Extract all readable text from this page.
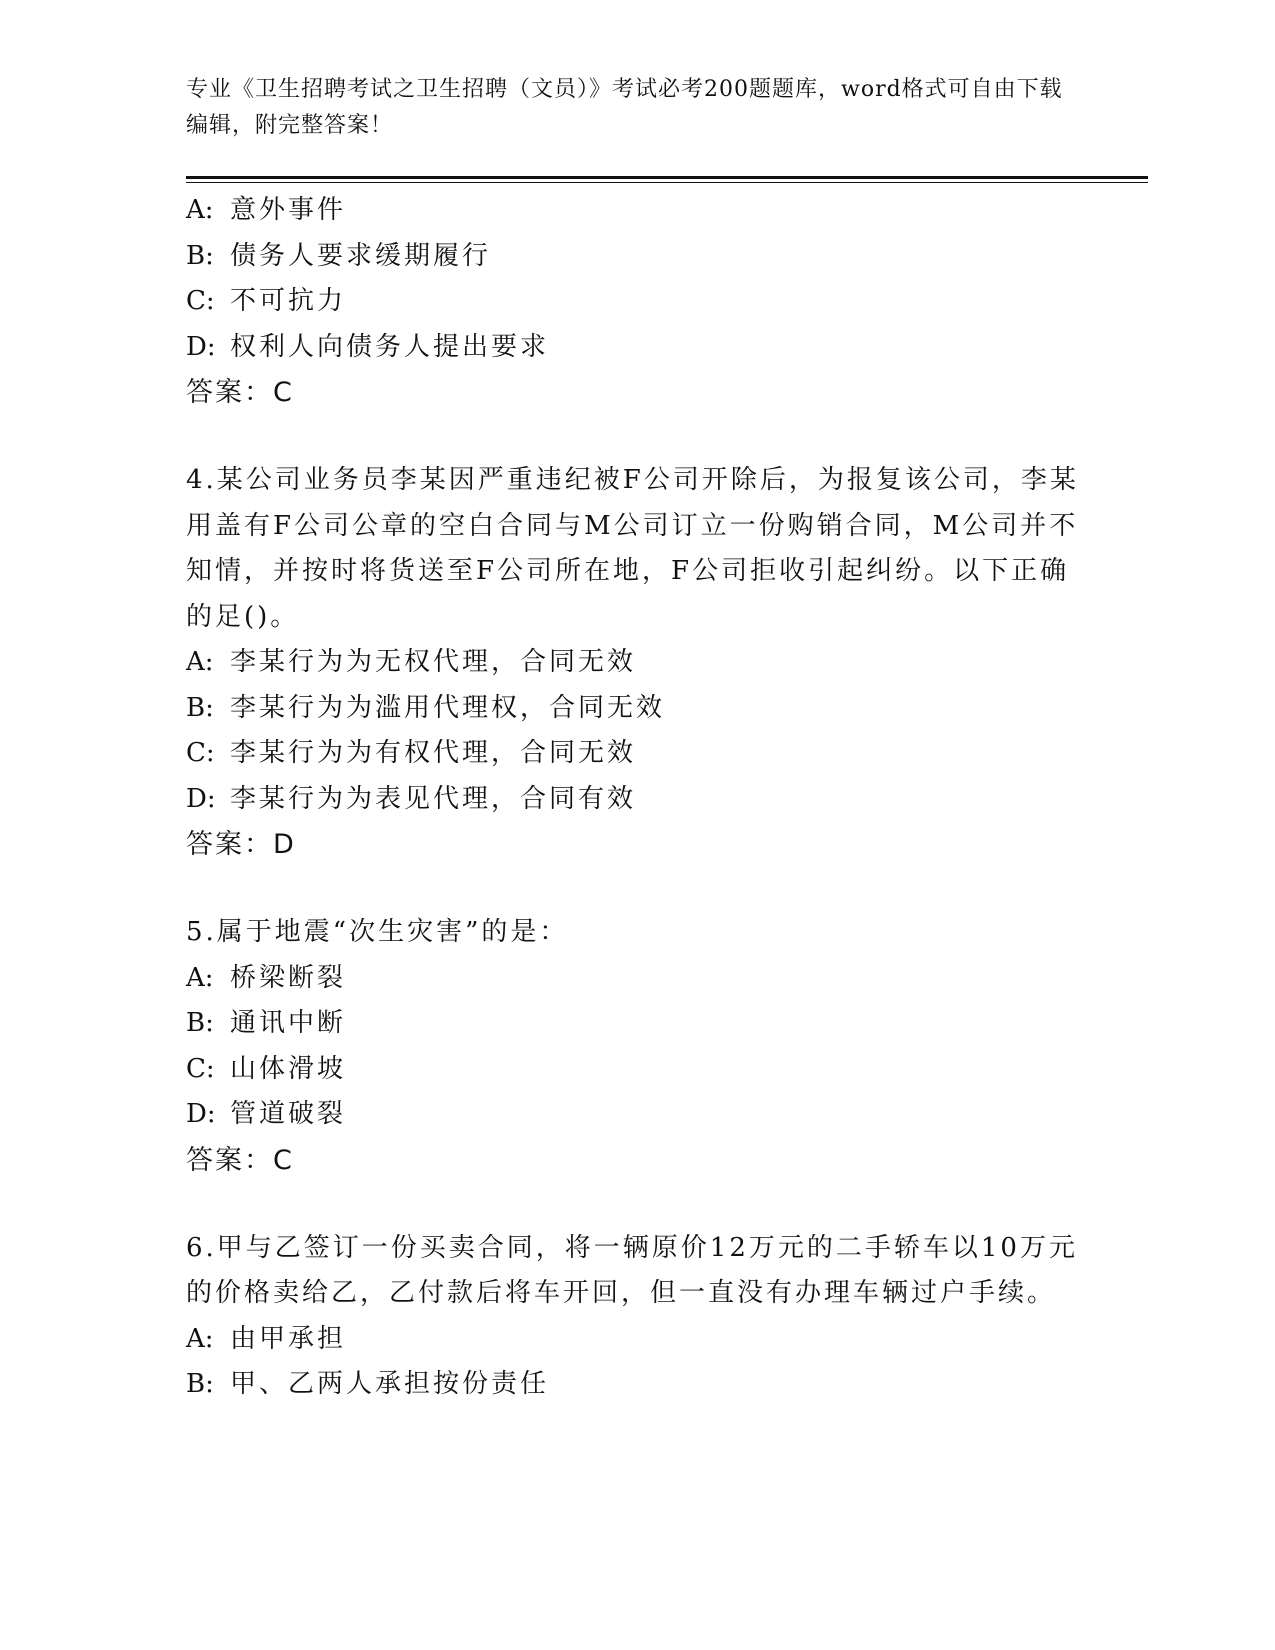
专业《卫生招聘考试之卫生招聘（文员）》考试必考200题题库，word格式可自由下载编辑，附完整答案！
A: 意外事件
B: 债务人要求缓期履行
C: 不可抗力
D: 权利人向债务人提出要求
答案：C
4.某公司业务员李某因严重违纪被F公司开除后，为报复该公司，李某用盖有F公司公章的空白合同与M公司订立一份购销合同，M公司并不知情，并按时将货送至F公司所在地，F公司拒收引起纠纷。以下正确的足()。
A: 李某行为为无权代理，合同无效
B: 李某行为为滥用代理权，合同无效
C: 李某行为为有权代理，合同无效
D: 李某行为为表见代理，合同有效
答案：D
5.属于地震“次生灾害”的是：
A: 桥梁断裂
B: 通讯中断
C: 山体滑坡
D: 管道破裂
答案：C
6.甲与乙签订一份买卖合同，将一辆原价12万元的二手轿车以10万元的价格卖给乙，乙付款后将车开回，但一直没有办理车辆过户手续。
A: 由甲承担
B: 甲、乙两人承担按份责任
